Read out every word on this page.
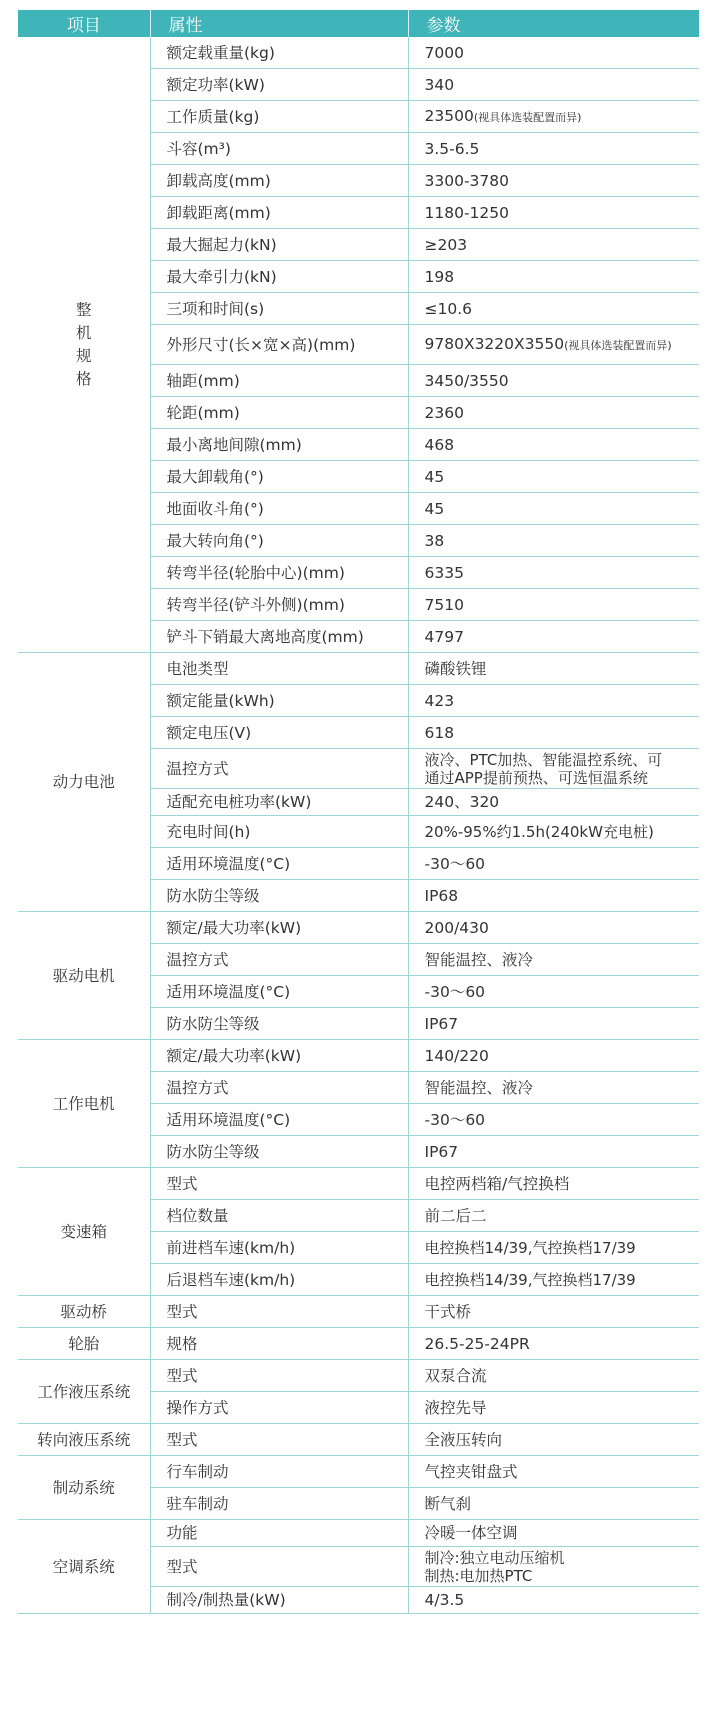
项目	属性	参数

整机规格	额定载重量(kg)	7000
	额定功率(kW)	340
	工作质量(kg)	23500(视具体选装配置而异)
	斗容(m³)	3.5-6.5
	卸载高度(mm)	3300-3780
	卸载距离(mm)	1180-1250
	最大掘起力(kN)	≥203
	最大牵引力(kN)	198
	三项和时间(s)	≤10.6
	外形尺寸(长×宽×高)(mm)	9780X3220X3550(视具体选装配置而异)
	轴距(mm)	3450/3550
	轮距(mm)	2360
	最小离地间隙(mm)	468
	最大卸载角(°)	45
	地面收斗角(°)	45
	最大转向角(°)	38
	转弯半径(轮胎中心)(mm)	6335
	转弯半径(铲斗外侧)(mm)	7510
	铲斗下销最大离地高度(mm)	4797
动力电池	电池类型	磷酸铁锂
	额定能量(kWh)	423
	额定电压(V)	618
	温控方式	液冷、PTC加热、智能温控系统、可
通过APP提前预热、可选恒温系统

	适配充电桩功率(kW)	240、320
	充电时间(h)	20%-95%约1.5h(240kW充电桩)
	适用环境温度(°C)	-30～60
	防水防尘等级	IP68
驱动电机	额定/最大功率(kW)	200/430
	温控方式	智能温控、液冷
	适用环境温度(°C)	-30～60
	防水防尘等级	IP67
工作电机	额定/最大功率(kW)	140/220
	温控方式	智能温控、液冷
	适用环境温度(°C)	-30～60
	防水防尘等级	IP67
变速箱	型式	电控两档箱/气控换档
	档位数量	前二后二
	前进档车速(km/h)	电控换档14/39,气控换档17/39
	后退档车速(km/h)	电控换档14/39,气控换档17/39
驱动桥	型式	干式桥
轮胎	规格	26.5-25-24PR
工作液压系统	型式	双泵合流
	操作方式	液控先导
转向液压系统	型式	全液压转向
制动系统	行车制动	气控夹钳盘式
	驻车制动	断气刹
空调系统	功能	冷暖一体空调
	型式	制冷:独立电动压缩机
制热:电加热PTC

	制冷/制热量(kW)	4/3.5
